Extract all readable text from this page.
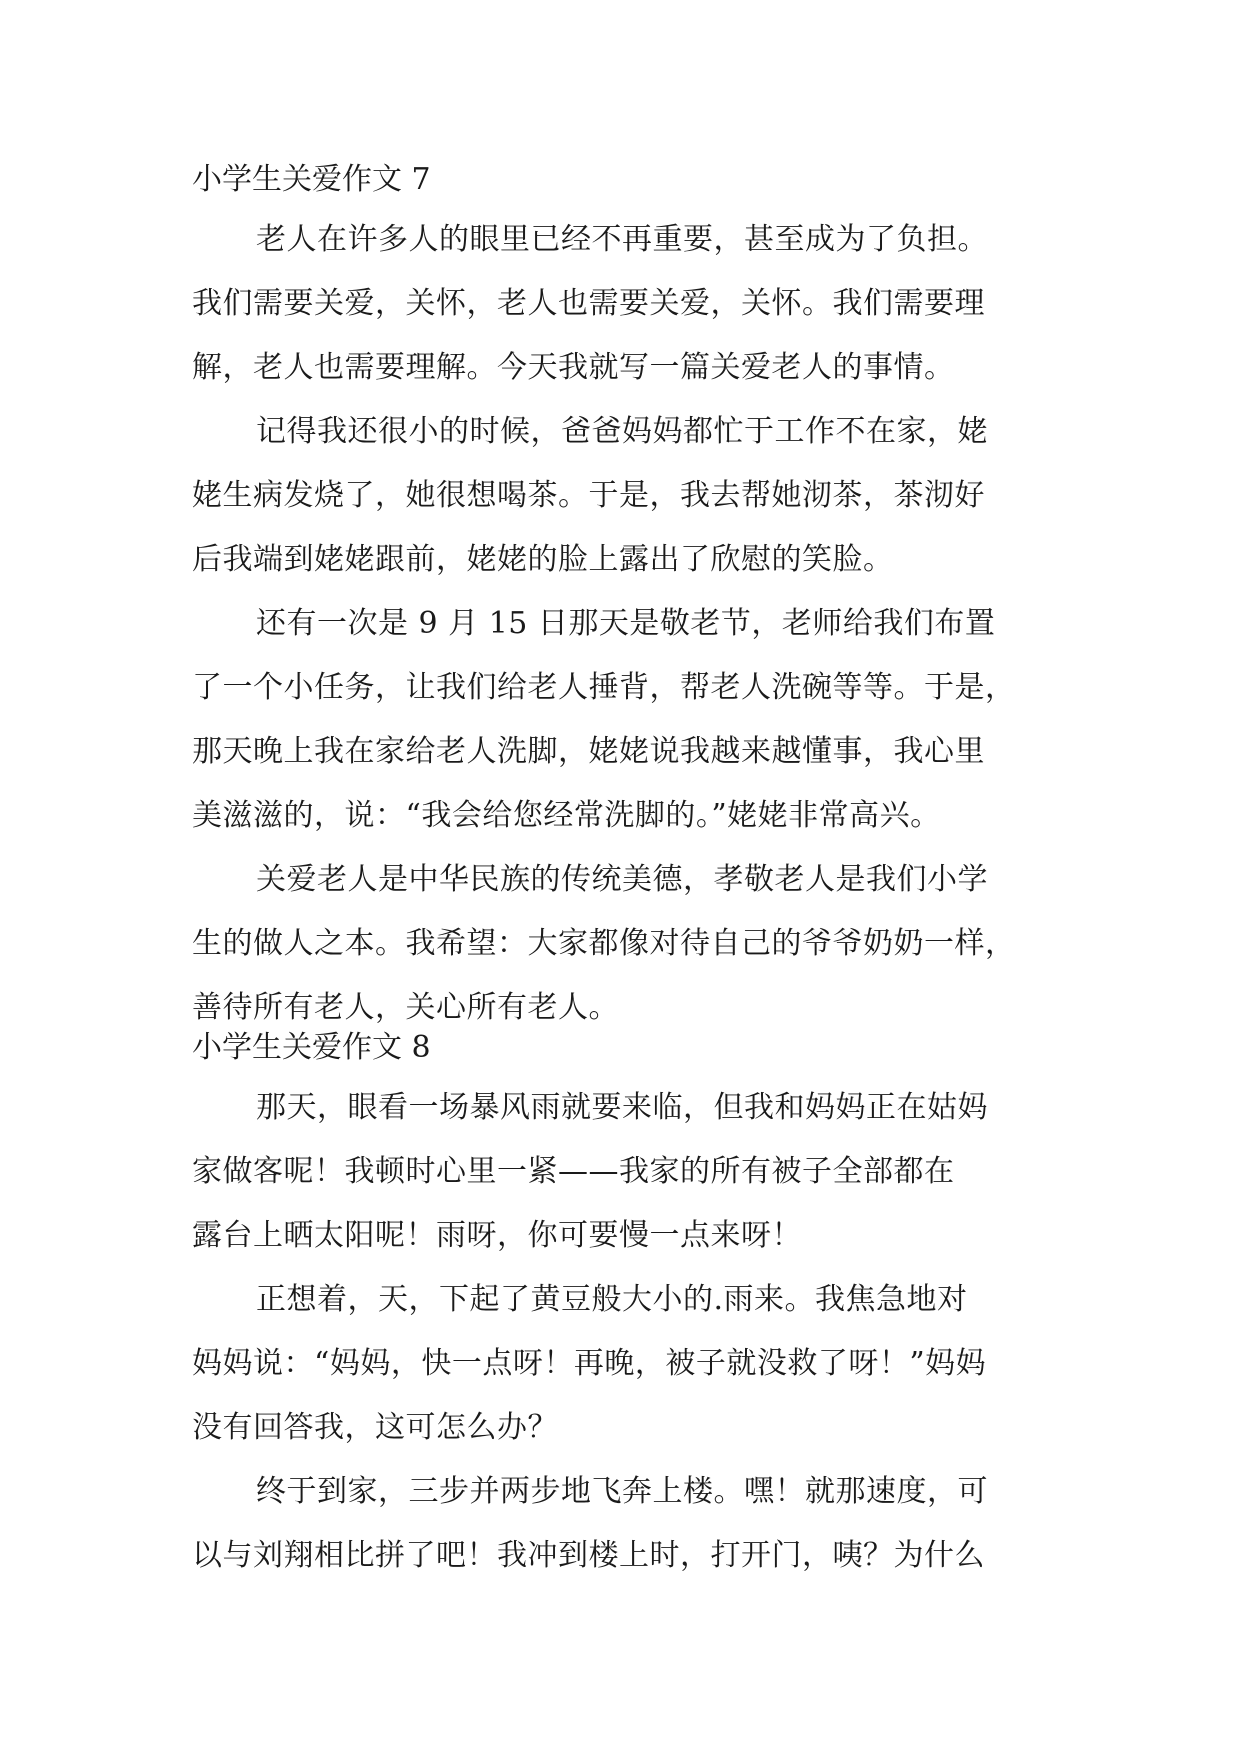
小学生关爱作文 7

老人在许多人的眼里已经不再重要，甚至成为了负担。
我们需要关爱，关怀，老人也需要关爱，关怀。我们需要理
解，老人也需要理解。今天我就写一篇关爱老人的事情。

记得我还很小的时候，爸爸妈妈都忙于工作不在家，姥
姥生病发烧了，她很想喝茶。于是，我去帮她沏茶，茶沏好
后我端到姥姥跟前，姥姥的脸上露出了欣慰的笑脸。

还有一次是 9 月 15 日那天是敬老节，老师给我们布置
了一个小任务，让我们给老人捶背，帮老人洗碗等等。于是，
那天晚上我在家给老人洗脚，姥姥说我越来越懂事，我心里
美滋滋的，说：“我会给您经常洗脚的。”姥姥非常高兴。

关爱老人是中华民族的传统美德，孝敬老人是我们小学
生的做人之本。我希望：大家都像对待自己的爷爷奶奶一样，
善待所有老人，关心所有老人。

小学生关爱作文 8

那天，眼看一场暴风雨就要来临，但我和妈妈正在姑妈
家做客呢！我顿时心里一紧——我家的所有被子全部都在
露台上晒太阳呢！雨呀，你可要慢一点来呀！

正想着，天，下起了黄豆般大小的.雨来。我焦急地对
妈妈说：“妈妈，快一点呀！再晚，被子就没救了呀！”妈妈
没有回答我，这可怎么办？

终于到家，三步并两步地飞奔上楼。嘿！就那速度，可
以与刘翔相比拼了吧！我冲到楼上时，打开门，咦？为什么
